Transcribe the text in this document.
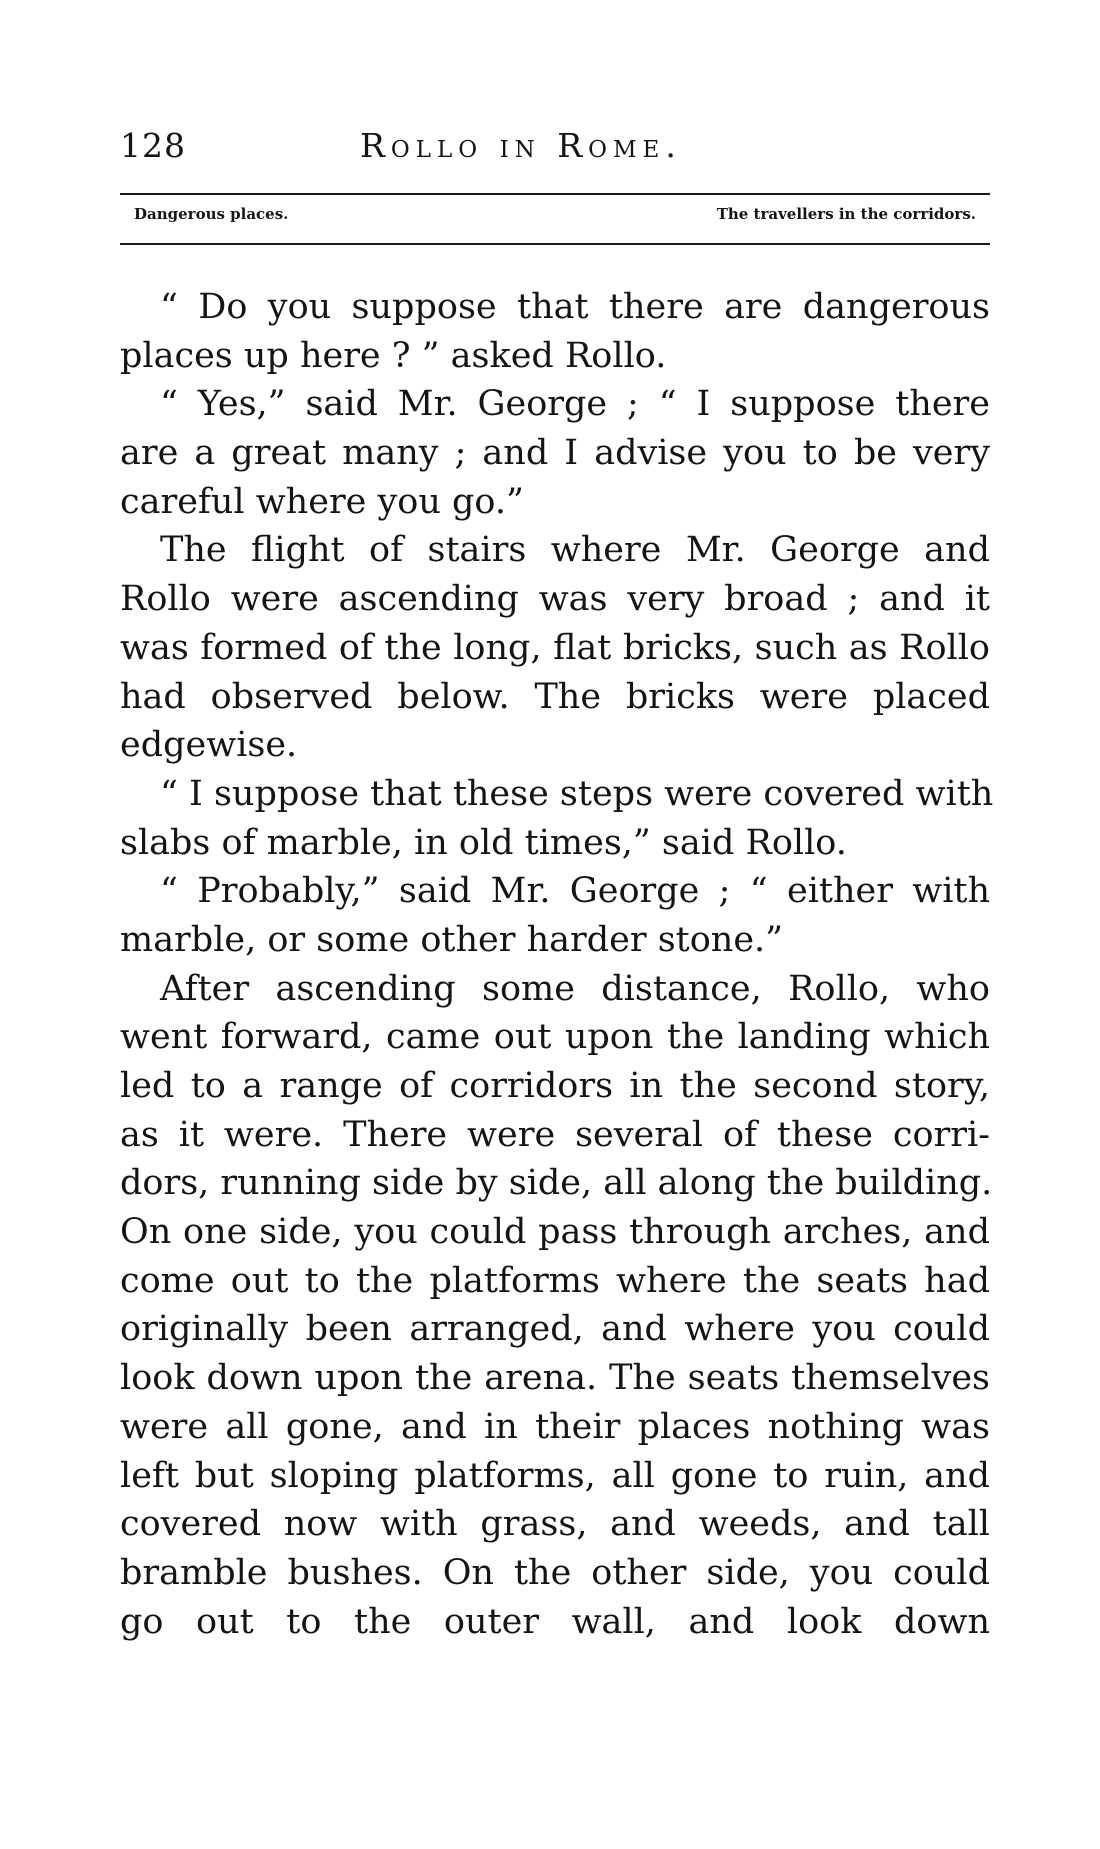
128	Rollo in Rome.
Dangerous places.	The travellers in the corridors.
“ Do you suppose that there are dangerous
places up here ? ” asked Rollo.
“ Yes,” said Mr. George ; “ I suppose there
are a great many ; and I advise you to be very
careful where you go.”
The flight of stairs where Mr. George and
Rollo were ascending was very broad ; and it
was formed of the long, flat bricks, such as Rollo
had observed below. The bricks were placed
edgewise.
“ I suppose that these steps were covered with
slabs of marble, in old times,” said Rollo.
“ Probably,” said Mr. George ; “ either with
marble, or some other harder stone.”
After ascending some distance, Rollo, who
went forward, came out upon the landing which
led to a range of corridors in the second story,
as it were. There were several of these corri-
dors, running side by side, all along the building.
On one side, you could pass through arches, and
come out to the platforms where the seats had
originally been arranged, and where you could
look down upon the arena. The seats themselves
were all gone, and in their places nothing was
left but sloping platforms, all gone to ruin, and
covered now with grass, and weeds, and tall
bramble bushes. On the other side, you could
go out to the outer wall, and look down
